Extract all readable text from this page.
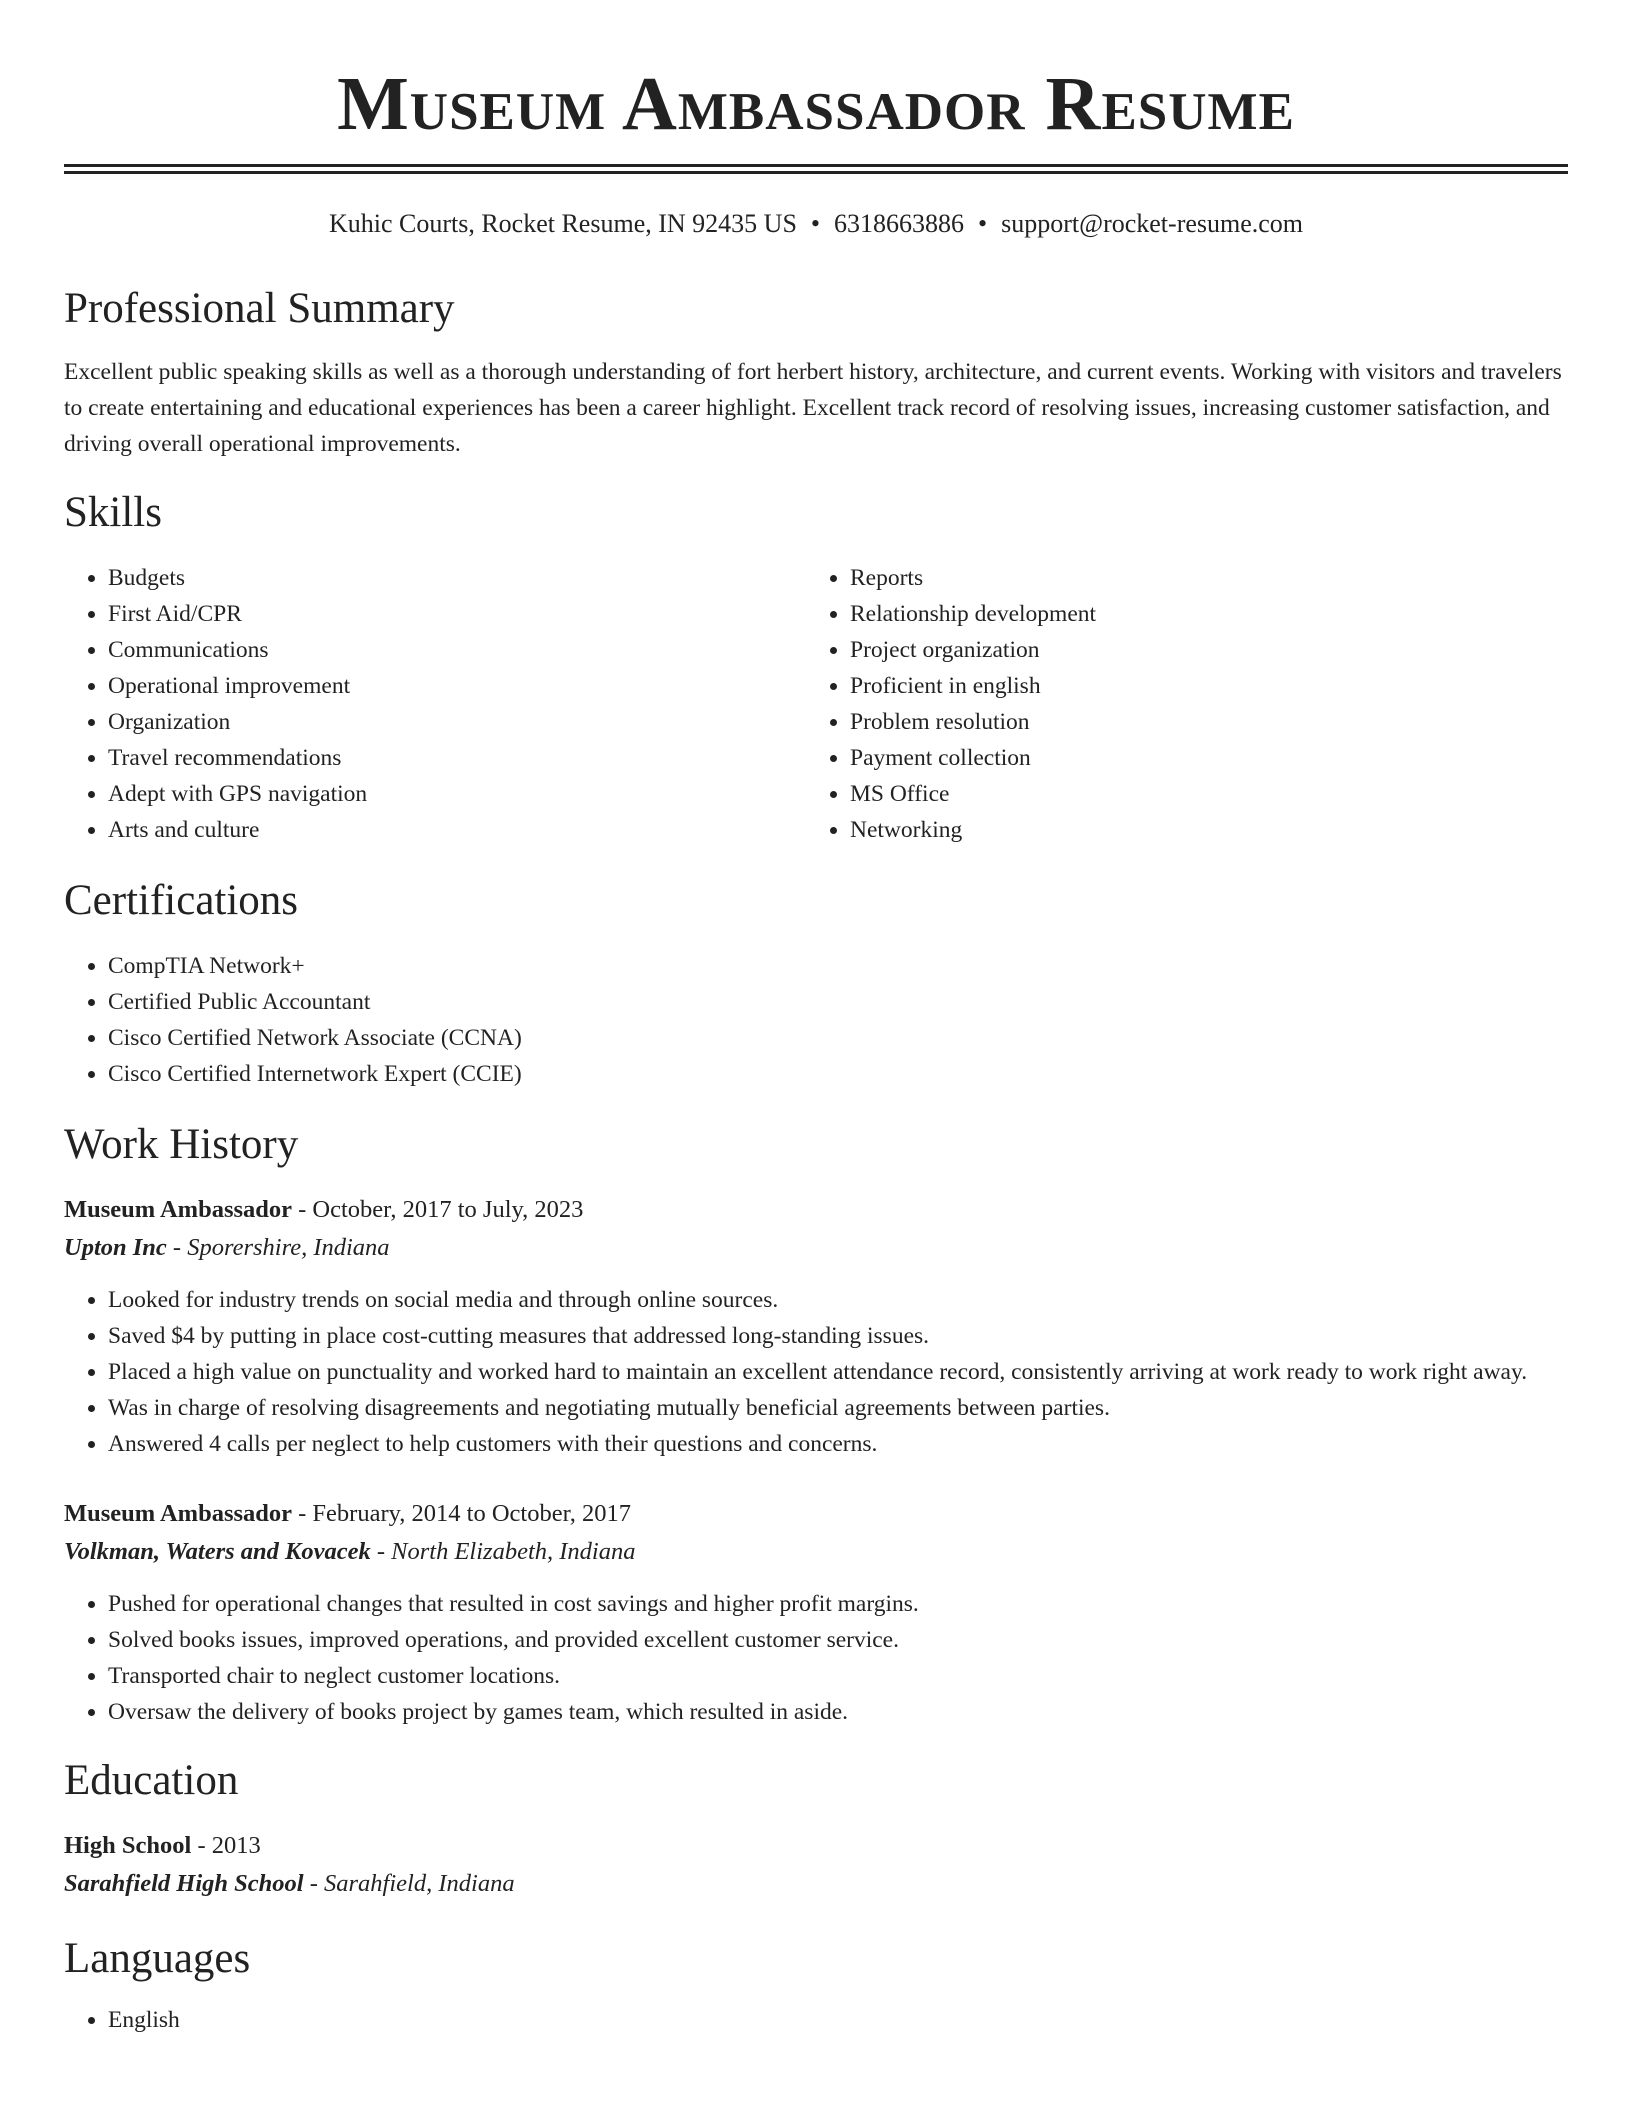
Museum Ambassador Resume
Kuhic Courts, Rocket Resume, IN 92435 US • 6318663886 • support@rocket-resume.com
Professional Summary

Excellent public speaking skills as well as a thorough understanding of fort herbert history, architecture, and current events. Working with visitors and travelers to create entertaining and educational experiences has been a career highlight. Excellent track record of resolving issues, increasing customer satisfaction, and driving overall operational improvements.

Skills
• Budgets
• First Aid/CPR
• Communications
• Operational improvement
• Organization
• Travel recommendations
• Adept with GPS navigation
• Arts and culture
• Reports
• Relationship development
• Project organization
• Proficient in english
• Problem resolution
• Payment collection
• MS Office
• Networking
Certifications
• CompTIA Network+
• Certified Public Accountant
• Cisco Certified Network Associate (CCNA)
• Cisco Certified Internetwork Expert (CCIE)
Work History
Museum Ambassador - October, 2017 to July, 2023
Upton Inc - Sporershire, Indiana
• Looked for industry trends on social media and through online sources.
• Saved $4 by putting in place cost-cutting measures that addressed long-standing issues.
• Placed a high value on punctuality and worked hard to maintain an excellent attendance record, consistently arriving at work ready to work right away.
• Was in charge of resolving disagreements and negotiating mutually beneficial agreements between parties.
• Answered 4 calls per neglect to help customers with their questions and concerns.
Museum Ambassador - February, 2014 to October, 2017
Volkman, Waters and Kovacek - North Elizabeth, Indiana
• Pushed for operational changes that resulted in cost savings and higher profit margins.
• Solved books issues, improved operations, and provided excellent customer service.
• Transported chair to neglect customer locations.
• Oversaw the delivery of books project by games team, which resulted in aside.
Education
High School - 2013
Sarahfield High School - Sarahfield, Indiana
Languages
• English
